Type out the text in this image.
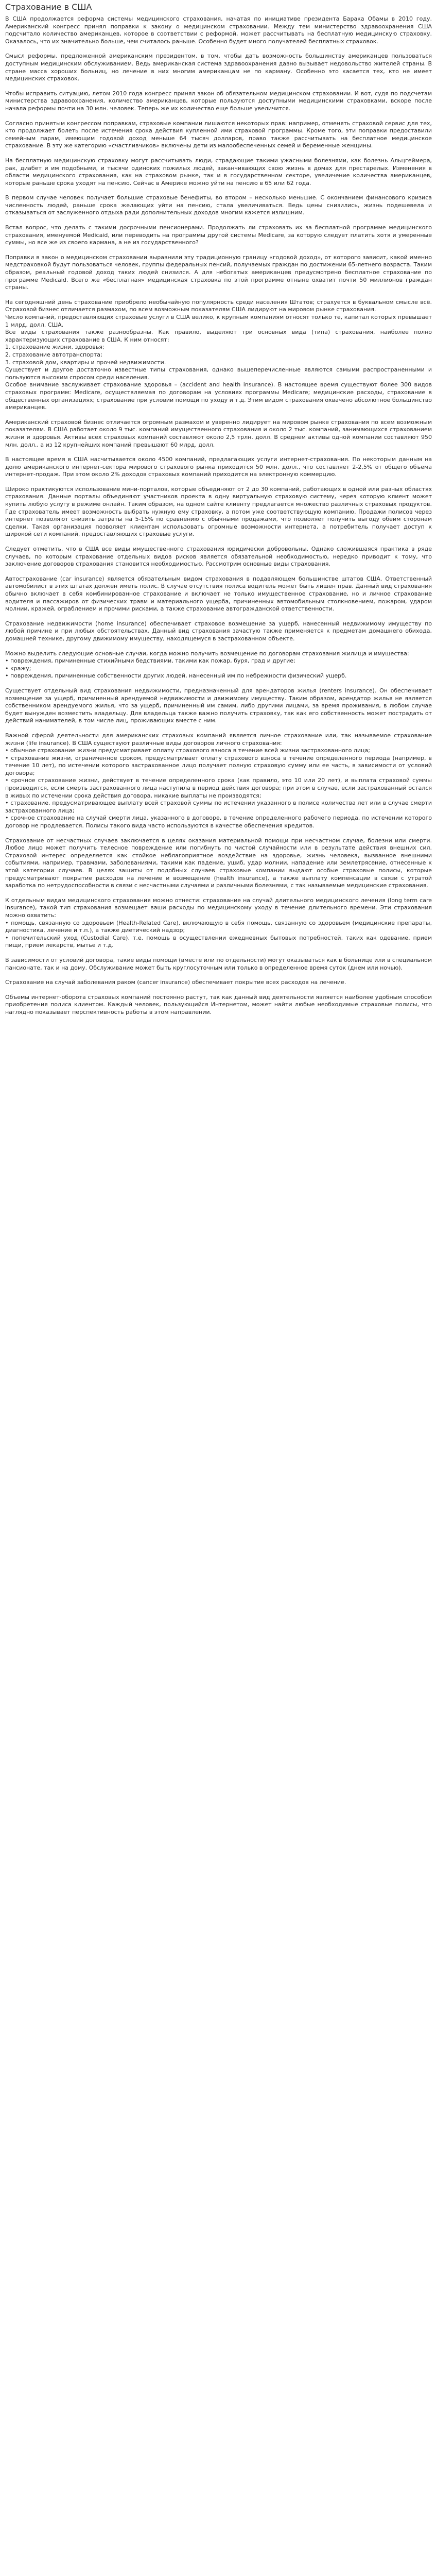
Страхование в США

В США продолжается реформа системы медицинского страхования, начатая по инициативе президента Барака Обамы в 2010 году. Американский конгресс принял поправки к закону о медицинском страховании. Между тем министерство здравоохранения США подсчитало количество американцев, которое в соответствии с реформой, может рассчитывать на бесплатную медицинскую страховку. Оказалось, что их значительно больше, чем считалось раньше. Особенно будет много получателей бесплатных страховок.

Смысл реформы, предложенной американским президентом, в том, чтобы дать возможность большинству американцев пользоваться доступным медицинским обслуживанием. Ведь американская система здравоохранения давно вызывает недовольство жителей страны. В стране масса хороших больниц, но лечение в них многим американцам не по карману. Особенно это касается тех, кто не имеет медицинских страховок.

Чтобы исправить ситуацию, летом 2010 года конгресс принял закон об обязательном медицинском страховании. И вот, судя по подсчетам министерства здравоохранения, количество американцев, которые пользуются доступными медицинскими страховками, вскоре после начала реформы почти на 30 млн. человек. Теперь же их количество еще больше увеличится.

Согласно принятым конгрессом поправкам, страховые компании лишаются некоторых прав: например, отменять страховой сервис для тех, кто продолжает болеть после истечения срока действия купленной ими страховой программы. Кроме того, эти поправки предоставили семейным парам, имеющим годовой доход меньше 64 тысяч долларов, право также рассчитывать на бесплатное медицинское страхование. В эту же категорию «счастливчиков» включены дети из малообеспеченных семей и беременные женщины.

На бесплатную медицинскую страховку могут рассчитывать люди, страдающие такими ужасными болезнями, как болезнь Альцгеймера, рак, диабет и им подобными, и тысячи одиноких пожилых людей, заканчивающих свою жизнь в домах для престарелых. Изменения в области медицинского страхования, как на страховом рынке, так и в государственном секторе, увеличение количества американцев, которые раньше срока уходят на пенсию. Сейчас в Америке можно уйти на пенсию в 65 или 62 года.

В первом случае человек получает большие страховые бенефиты, во втором – несколько меньшие. С окончанием финансового кризиса численность людей, раньше срока желающих уйти на пенсию, стала увеличиваться. Ведь цены снизились, жизнь подешевела и отказываться от заслуженного отдыха ради дополнительных доходов многим кажется излишним.

Встал вопрос, что делать с такими досрочными пенсионерами. Продолжать ли страховать их за бесплатной программе медицинского страхования, именуемой Medicaid, или переводить на программы другой системы Medicare, за которую следует платить хотя и умеренные суммы, но все же из своего кармана, а не из государственного?

Поправки в закон о медицинском страховании выравнили эту традиционную границу «годовой доход», от которого зависит, какой именно медстраховкой будут пользоваться человек, группы федеральных пенсий, получаемых граждан по достижении 65-летнего возраста. Таким образом, реальный годовой доход таких людей снизился. А для небогатых американцев предусмотрено бесплатное страхование по программе Medicaid. Всего же «бесплатная» медицинская страховка по этой программе отныне охватит почти 50 миллионов граждан страны.

На сегодняшний день страхование приобрело необычайную популярность среди населения Штатов; страхуется в буквальном смысле всё. Страховой бизнес отличается размахом, по всем возможным показателям США лидируют на мировом рынке страхования.
Число компаний, предоставляющих страховые услуги в США велико, к крупным компаниям относят только те, капитал которых превышает 1 млрд. долл. США.
Все виды страхования также разнообразны. Как правило, выделяют три основных вида (типа) страхования, наиболее полно характеризующих страхование в США. К ним относят:
1. страхование жизни, здоровья;
2. страхование автотранспорта;
3. страховой дом, квартиры и прочей недвижимости.
Существует и другое достаточно известные типы страхования, однако вышеперечисленные являются самыми распространенными и пользуются высоким спросом среди населения.
Особое внимание заслуживает страхование здоровья – (accident and health insurance). В настоящее время существуют более 300 видов страховых программ: Medicare, осуществляемая по договорам на условиях программы Medicare; медицинские расходы, страхование в общественных организациях; страхование при условии помощи по уходу и т.д. Этим видом страхования охвачено абсолютное большинство американцев.

Американский страховой бизнес отличается огромным размахом и уверенно лидирует на мировом рынке страхования по всем возможным показателям. В США работает около 9 тыс. компаний имущественного страхования и около 2 тыс. компаний, занимающихся страхованием жизни и здоровья. Активы всех страховых компаний составляют около 2,5 трлн. долл. В среднем активы одной компании составляют 950 млн. долл., а из 12 крупнейших компаний превышают 60 млрд. долл.

В настоящее время в США насчитывается около 4500 компаний, предлагающих услуги интернет-страхования. По некоторым данным на долю американского интернет-сектора мирового страхового рынка приходится 50 млн. долл., что составляет 2-2,5% от общего объема интернет-продаж. При этом около 2% доходов страховых компаний приходится на электронную коммерцию.

Широко практикуются использование мини-порталов, которые объединяют от 2 до 30 компаний, работающих в одной или разных областях страхования. Данные порталы объединяют участников проекта в одну виртуальную страховую систему, через которую клиент может купить любую услугу в режиме онлайн. Таким образом, на одном сайте клиенту предлагается множество различных страховых продуктов. Где страхователь имеет возможность выбрать нужную ему страховку, а потом уже соответствующую компанию. Продажи полисов через интернет позволяют снизить затраты на 5-15% по сравнению с обычными продажами, что позволяет получить выгоду обеим сторонам сделки. Такая организация позволяет клиентам использовать огромные возможности интернета, а потребитель получает доступ к широкой сети компаний, предоставляющих страховые услуги.

Следует отметить, что в США все виды имущественного страхования юридически добровольны. Однако сложившаяся практика в ряде случаев, по которым страхование отдельных видов рисков является обязательной необходимостью, нередко приводит к тому, что заключение договоров страхования становится необходимостью. Рассмотрим основные виды страхования.

Автострахование (car insurance) является обязательным видом страхования в подавляющем большинстве штатов США. Ответственный автомобилист в этих штатах должен иметь полис. В случае отсутствия полиса водитель может быть лишен прав. Данный вид страхования обычно включает в себя комбинированное страхование и включает не только имущественное страхование, но и личное страхование водителя и пассажиров от физических травм и материального ущерба, причиненных автомобильным столкновением, пожаром, ударом молнии, кражей, ограблением и прочими рисками, а также страхование автогражданской ответственности.

Страхование недвижимости (home insurance) обеспечивает страховое возмещение за ущерб, нанесенный недвижимому имуществу по любой причине и при любых обстоятельствах. Данный вид страхования зачастую также применяется к предметам домашнего обихода, домашней технике, другому движимому имуществу, находящемуся в застрахованном объекте.

Можно выделить следующие основные случаи, когда можно получить возмещение по договорам страхования жилища и имущества:
• повреждения, причиненные стихийными бедствиями, такими как пожар, буря, град и другие;
• кражу;
• повреждения, причиненные собственности других людей, нанесенный им по небрежности физический ущерб.

Существует отдельный вид страхования недвижимости, предназначенный для арендаторов жилья (renters insurance). Он обеспечивает возмещение за ущерб, причиненный арендуемой недвижимости и движимому имуществу. Таким образом, арендатор жилья не является собственником арендуемого жилья, что за ущерб, причиненный им самим, либо другими лицами, за время проживания, в любом случае будет вынужден возместить владельцу. Для владельца также важно получить страховку, так как его собственность может пострадать от действий нанимателей, в том числе лиц, проживающих вместе с ним.

Важной сферой деятельности для американских страховых компаний является личное страхование или, так называемое страхование жизни (life insurance). В США существуют различные виды договоров личного страхования:
• обычное страхование жизни предусматривает оплату страхового взноса в течение всей жизни застрахованного лица;
• страхование жизни, ограниченное сроком, предусматривает оплату страхового взноса в течение определенного периода (например, в течение 10 лет), по истечении которого застрахованное лицо получает полную страховую сумму или ее часть, в зависимости от условий договора;
• срочное страхование жизни, действует в течение определенного срока (как правило, это 10 или 20 лет), и выплата страховой суммы производится, если смерть застрахованного лица наступила в период действия договора; при этом в случае, если застрахованный остался в живых по истечении срока действия договора, никакие выплаты не производятся;
• страхование, предусматривающее выплату всей страховой суммы по истечении указанного в полисе количества лет или в случае смерти застрахованного лица;
• срочное страхование на случай смерти лица, указанного в договоре, в течение определенного рабочего периода, по истечении которого договор не продлевается. Полисы такого вида часто используются в качестве обеспечения кредитов.

Страхование от несчастных случаев заключается в целях оказания материальной помощи при несчастном случае, болезни или смерти. Любое лицо может получить телесное повреждение или погибнуть по чистой случайности или в результате действия внешних сил. Страховой интерес определяется как стойкое неблагоприятное воздействие на здоровье, жизнь человека, вызванное внешними событиями, например, травмами, заболеваниями, такими как падение, ушиб, удар молнии, нападение или землетрясение, отнесенные к этой категории случаев. В целях защиты от подобных случаев страховые компании выдают особые страховые полисы, которые предусматривают покрытие расходов на лечение и возмещение (health insurance), а также выплату компенсации в связи с утратой заработка по нетрудоспособности в связи с несчастными случаями и различными болезнями, с так называемые медицинские страхования.

К отдельным видам медицинского страхования можно отнести: страхование на случай длительного медицинского лечения (long term care insurance), такой тип страхования возмещает ваши расходы по медицинскому уходу в течение длительного времени. Эти страхования можно охватить:
• помощь, связанную со здоровьем (Health-Related Care), включающую в себя помощь, связанную со здоровьем (медицинские препараты, диагностика, лечение и т.п.), а также диетический надзор;
• попечительский уход (Custodial Care), т.е. помощь в осуществлении ежедневных бытовых потребностей, таких как одевание, прием пищи, прием лекарств, мытье и т.д.

В зависимости от условий договора, такие виды помощи (вместе или по отдельности) могут оказываться как в больнице или в специальном пансионате, так и на дому. Обслуживание может быть круглосуточным или только в определенное время суток (днем или ночью).

Страхование на случай заболевания раком (cancer insurance) обеспечивает покрытие всех расходов на лечение.

Объемы интернет-оборота страховых компаний постоянно растут, так как данный вид деятельности является наиболее удобным способом приобретения полиса клиентом. Каждый человек, пользующийся Интернетом, может найти любые необходимые страховые полисы, что наглядно показывает перспективность работы в этом направлении.
